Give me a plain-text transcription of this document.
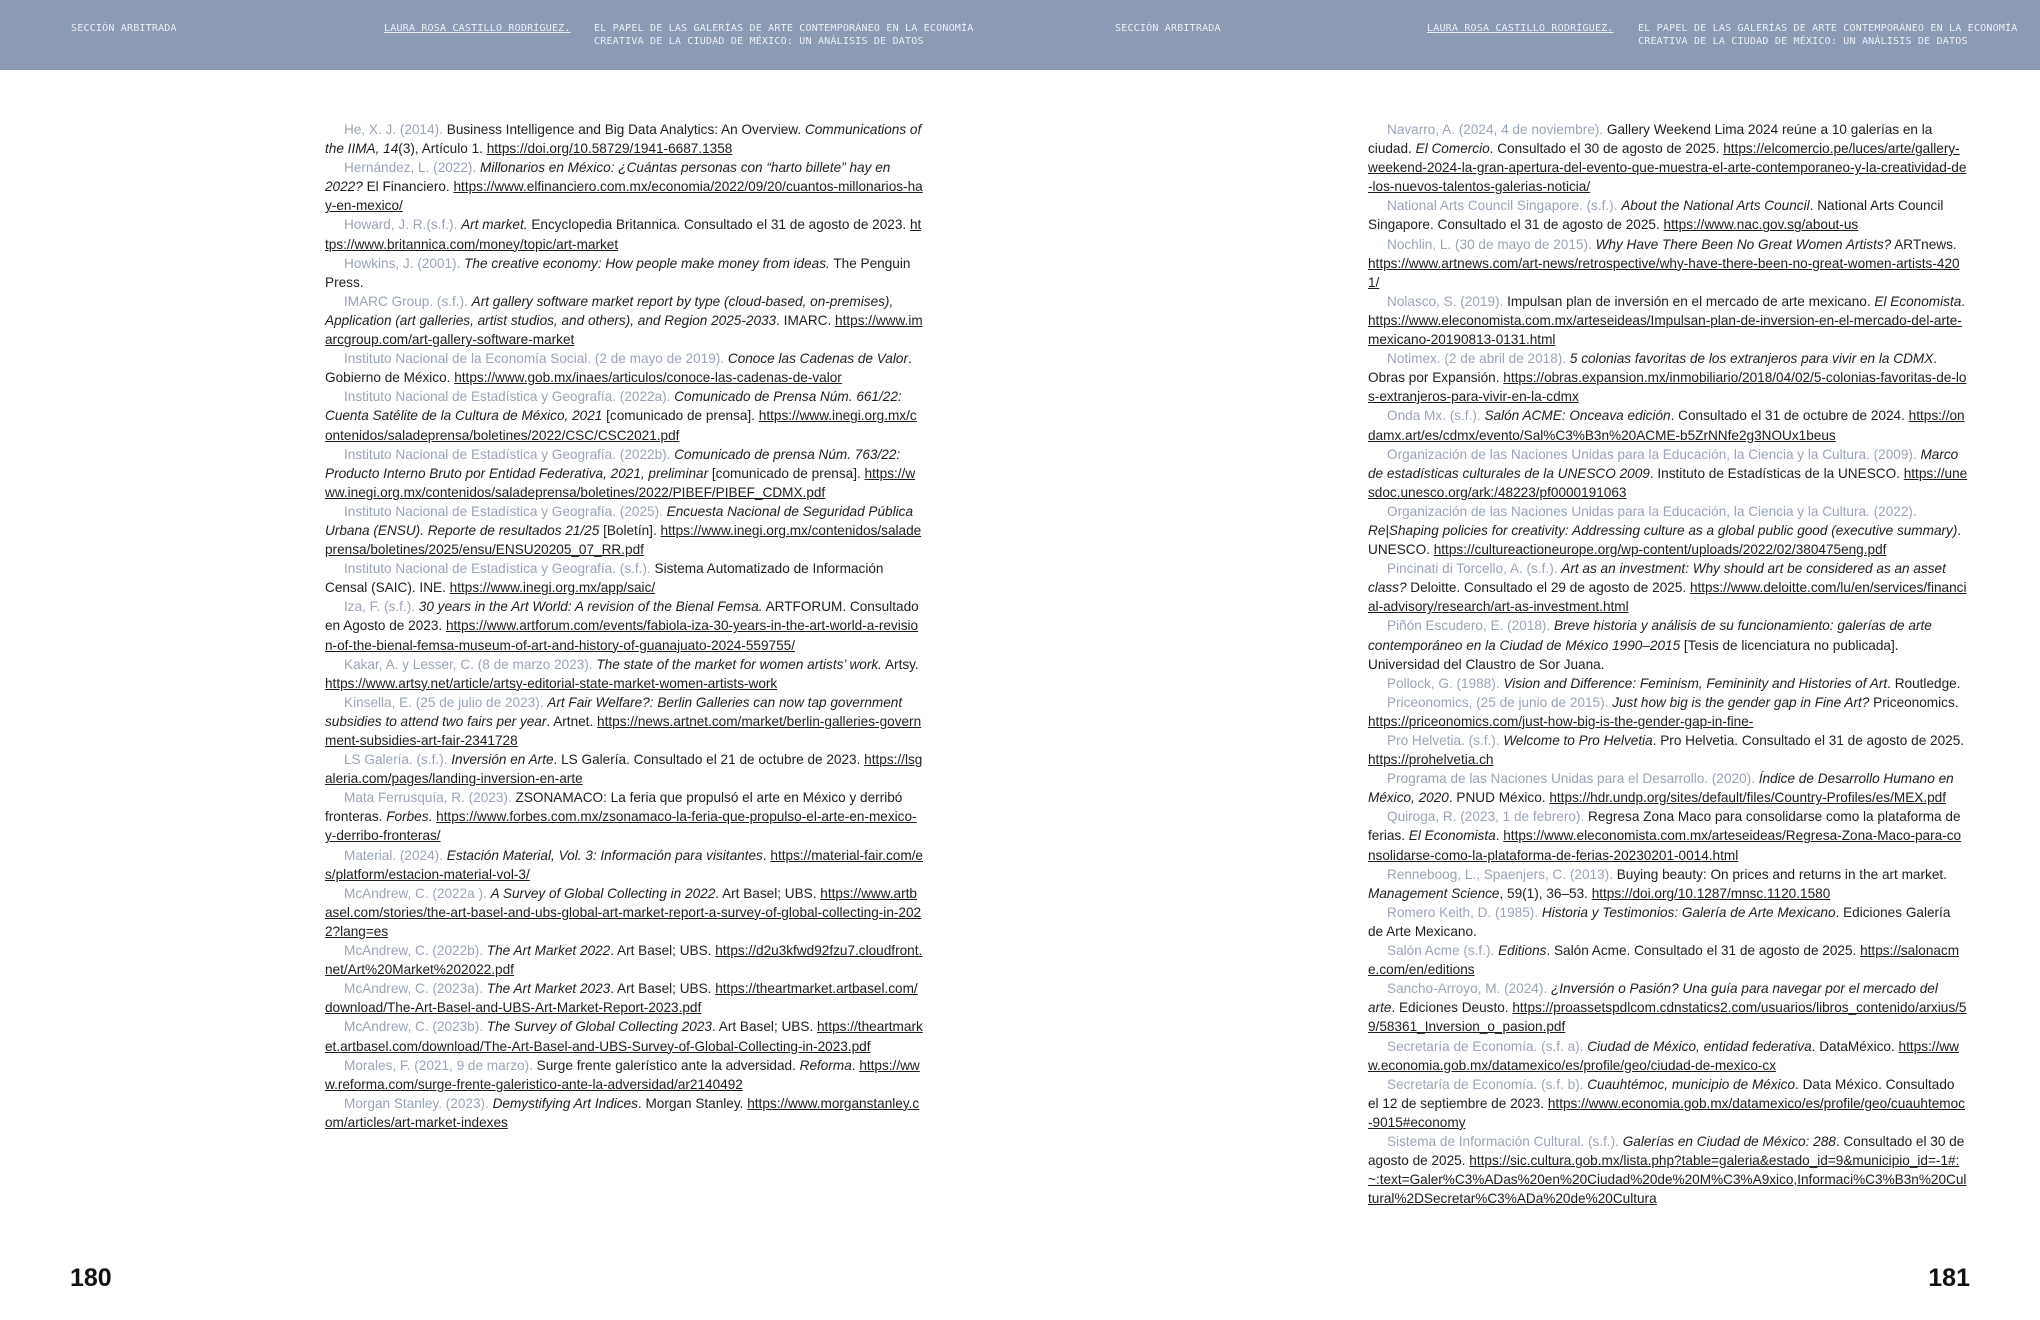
SECCIÓN ARBITRADA	LAURA ROSA CASTILLO RODRÍGUEZ. EL PAPEL DE LAS GALERÍAS DE ARTE CONTEMPORÁNEO EN LA ECONOMÍA
CREATIVA DE LA CIUDAD DE MÉXICO: UN ANÁLISIS DE DATOS
SECCIÓN ARBITRADA	LAURA ROSA CASTILLO RODRÍGUEZ. EL PAPEL DE LAS GALERÍAS DE ARTE CONTEMPORÁNEO EN LA ECONOMÍA
CREATIVA DE LA CIUDAD DE MÉXICO: UN ANÁLISIS DE DATOS

He, X. J. (2014). Business Intelligence and Big Data Analytics: An Overview. Communications of the IIMA, 14(3), Artículo 1. https://doi.org/10.58729/1941-6687.1358

Hernández, L. (2022). Millonarios en México: ¿Cuántas personas con “harto billete” hay en 2022? El Financiero. https://www.elfinanciero.com.mx/economia/2022/09/20/cuantos-millonarios-hay-en-mexico/

Howard, J. R.(s.f.). Art market. Encyclopedia Britannica. Consultado el 31 de agosto de 2023. https://www.britannica.com/money/topic/art-market

Howkins, J. (2001). The creative economy: How people make money from ideas. The Penguin Press.

IMARC Group. (s.f.). Art gallery software market report by type (cloud-based, on-premises), Application (art galleries, artist studios, and others), and Region 2025-2033. IMARC. https://www.imarcgroup.com/art-gallery-software-market

Instituto Nacional de la Economía Social. (2 de mayo de 2019). Conoce las Cadenas de Valor. Gobierno de México. https://www.gob.mx/inaes/articulos/conoce-las-cadenas-de-valor

Instituto Nacional de Estadística y Geografía. (2022a). Comunicado de Prensa Núm. 661/22: Cuenta Satélite de la Cultura de México, 2021 [comunicado de prensa]. https://www.inegi.org.mx/contenidos/saladeprensa/boletines/2022/CSC/CSC2021.pdf

Instituto Nacional de Estadística y Geografía. (2022b). Comunicado de prensa Núm. 763/22: Producto Interno Bruto por Entidad Federativa, 2021, preliminar [comunicado de prensa]. https://www.inegi.org.mx/contenidos/saladeprensa/boletines/2022/PIBEF/PIBEF_CDMX.pdf

Instituto Nacional de Estadística y Geografía. (2025). Encuesta Nacional de Seguridad Pública Urbana (ENSU). Reporte de resultados 21/25 [Boletín]. https://www.inegi.org.mx/contenidos/saladeprensa/boletines/2025/ensu/ENSU20205_07_RR.pdf

Instituto Nacional de Estadística y Geografía. (s.f.). Sistema Automatizado de Información Censal (SAIC). INE. https://www.inegi.org.mx/app/saic/

Iza, F. (s.f.). 30 years in the Art World: A revision of the Bienal Femsa. ARTFORUM. Consultado en Agosto de 2023. https://www.artforum.com/events/fabiola-iza-30-years-in-the-art-world-a-revision-of-the-bienal-femsa-museum-of-art-and-history-of-guanajuato-2024-559755/

Kakar, A. y Lesser, C. (8 de marzo 2023). The state of the market for women artists’ work. Artsy. https://www.artsy.net/article/artsy-editorial-state-market-women-artists-work

Kinsella, E. (25 de julio de 2023). Art Fair Welfare?: Berlin Galleries can now tap government subsidies to attend two fairs per year. Artnet. https://news.artnet.com/market/berlin-galleries-government-subsidies-art-fair-2341728

LS Galería. (s.f.). Inversión en Arte. LS Galería. Consultado el 21 de octubre de 2023. https://lsgaleria.com/pages/landing-inversion-en-arte

Mata Ferrusquía, R. (2023). ZSONAMACO: La feria que propulsó el arte en México y derribó fronteras. Forbes. https://www.forbes.com.mx/zsonamaco-la-feria-que-propulso-el-arte-en-mexico-y-derribo-fronteras/

Material. (2024). Estación Material, Vol. 3: Información para visitantes. https://material-fair.com/es/platform/estacion-material-vol-3/

McAndrew, C. (2022a ). A Survey of Global Collecting in 2022. Art Basel; UBS. https://www.artbasel.com/stories/the-art-basel-and-ubs-global-art-market-report-a-survey-of-global-collecting-in-2022?lang=es

McAndrew, C. (2022b). The Art Market 2022. Art Basel; UBS. https://d2u3kfwd92fzu7.cloudfront.net/Art%20Market%202022.pdf

McAndrew, C. (2023a). The Art Market 2023. Art Basel; UBS. https://theartmarket.artbasel.com/download/The-Art-Basel-and-UBS-Art-Market-Report-2023.pdf

McAndrew, C. (2023b). The Survey of Global Collecting 2023. Art Basel; UBS. https://theartmarket.artbasel.com/download/The-Art-Basel-and-UBS-Survey-of-Global-Collecting-in-2023.pdf

Morales, F. (2021, 9 de marzo). Surge frente galerístico ante la adversidad. Reforma. https://www.reforma.com/surge-frente-galeristico-ante-la-adversidad/ar2140492

Morgan Stanley. (2023). Demystifying Art Indices. Morgan Stanley. https://www.morganstanley.com/articles/art-market-indexes

Navarro, A. (2024, 4 de noviembre). Gallery Weekend Lima 2024 reúne a 10 galerías en la ciudad. El Comercio. Consultado el 30 de agosto de 2025. https://elcomercio.pe/luces/arte/gallery-weekend-2024-la-gran-apertura-del-evento-que-muestra-el-arte-contemporaneo-y-la-creatividad-de-los-nuevos-talentos-galerias-noticia/

National Arts Council Singapore. (s.f.). About the National Arts Council. National Arts Council Singapore. Consultado el 31 de agosto de 2025. https://www.nac.gov.sg/about-us

Nochlin, L. (30 de mayo de 2015). Why Have There Been No Great Women Artists? ARTnews. https://www.artnews.com/art-news/retrospective/why-have-there-been-no-great-women-artists-4201/

Nolasco, S. (2019). Impulsan plan de inversión en el mercado de arte mexicano. El Economista. https://www.eleconomista.com.mx/arteseideas/Impulsan-plan-de-inversion-en-el-mercado-del-arte-mexicano-20190813-0131.html

Notimex. (2 de abril de 2018). 5 colonias favoritas de los extranjeros para vivir en la CDMX. Obras por Expansión. https://obras.expansion.mx/inmobiliario/2018/04/02/5-colonias-favoritas-de-los-extranjeros-para-vivir-en-la-cdmx

Onda Mx. (s.f.). Salón ACME: Onceava edición. Consultado el 31 de octubre de 2024. https://ondamx.art/es/cdmx/evento/Sal%C3%B3n%20ACME-b5ZrNNfe2g3NOUx1beus

Organización de las Naciones Unidas para la Educación, la Ciencia y la Cultura. (2009). Marco de estadísticas culturales de la UNESCO 2009. Instituto de Estadísticas de la UNESCO. https://unesdoc.unesco.org/ark:/48223/pf0000191063

Organización de las Naciones Unidas para la Educación, la Ciencia y la Cultura. (2022). Re|Shaping policies for creativity: Addressing culture as a global public good (executive summary). UNESCO. https://cultureactioneurope.org/wp-content/uploads/2022/02/380475eng.pdf

Pincinati di Torcello, A. (s.f.). Art as an investment: Why should art be considered as an asset class? Deloitte. Consultado el 29 de agosto de 2025. https://www.deloitte.com/lu/en/services/financial-advisory/research/art-as-investment.html

Piñón Escudero, E. (2018). Breve historia y análisis de su funcionamiento: galerías de arte contemporáneo en la Ciudad de México 1990–2015 [Tesis de licenciatura no publicada]. Universidad del Claustro de Sor Juana.

Pollock, G. (1988). Vision and Difference: Feminism, Femininity and Histories of Art. Routledge.

Priceonomics, (25 de junio de 2015). Just how big is the gender gap in Fine Art? Priceonomics. https://priceonomics.com/just-how-big-is-the-gender-gap-in-fine-

Pro Helvetia. (s.f.). Welcome to Pro Helvetia. Pro Helvetia. Consultado el 31 de agosto de 2025. https://prohelvetia.ch

Programa de las Naciones Unidas para el Desarrollo. (2020). Índice de Desarrollo Humano en México, 2020. PNUD México. https://hdr.undp.org/sites/default/files/Country-Profiles/es/MEX.pdf

Quiroga, R. (2023, 1 de febrero). Regresa Zona Maco para consolidarse como la plataforma de ferias. El Economista. https://www.eleconomista.com.mx/arteseideas/Regresa-Zona-Maco-para-consolidarse-como-la-plataforma-de-ferias-20230201-0014.html

Renneboog, L., Spaenjers, C. (2013). Buying beauty: On prices and returns in the art market. Management Science, 59(1), 36–53. https://doi.org/10.1287/mnsc.1120.1580

Romero Keith, D. (1985). Historia y Testimonios: Galería de Arte Mexicano. Ediciones Galería de Arte Mexicano.

Salón Acme (s.f.). Editions. Salón Acme. Consultado el 31 de agosto de 2025. https://salonacme.com/en/editions

Sancho-Arroyo, M. (2024). ¿Inversión o Pasión? Una guía para navegar por el mercado del arte. Ediciones Deusto. https://proassetspdlcom.cdnstatics2.com/usuarios/libros_contenido/arxius/59/58361_Inversion_o_pasion.pdf

Secretaría de Economía. (s.f. a). Ciudad de México, entidad federativa. DataMéxico. https://www.economia.gob.mx/datamexico/es/profile/geo/ciudad-de-mexico-cx

Secretaría de Economía. (s.f. b). Cuauhtémoc, municipio de México. Data México. Consultado el 12 de septiembre de 2023. https://www.economia.gob.mx/datamexico/es/profile/geo/cuauhtemoc-9015#economy

Sistema de Información Cultural. (s.f.). Galerías en Ciudad de México: 288. Consultado el 30 de agosto de 2025. https://sic.cultura.gob.mx/lista.php?table=galeria&estado_id=9&municipio_id=-1#:~:text=Galer%C3%ADas%20en%20Ciudad%20de%20M%C3%A9xico,Informaci%C3%B3n%20Cultural%2DSecretar%C3%ADa%20de%20Cultura

180	181
